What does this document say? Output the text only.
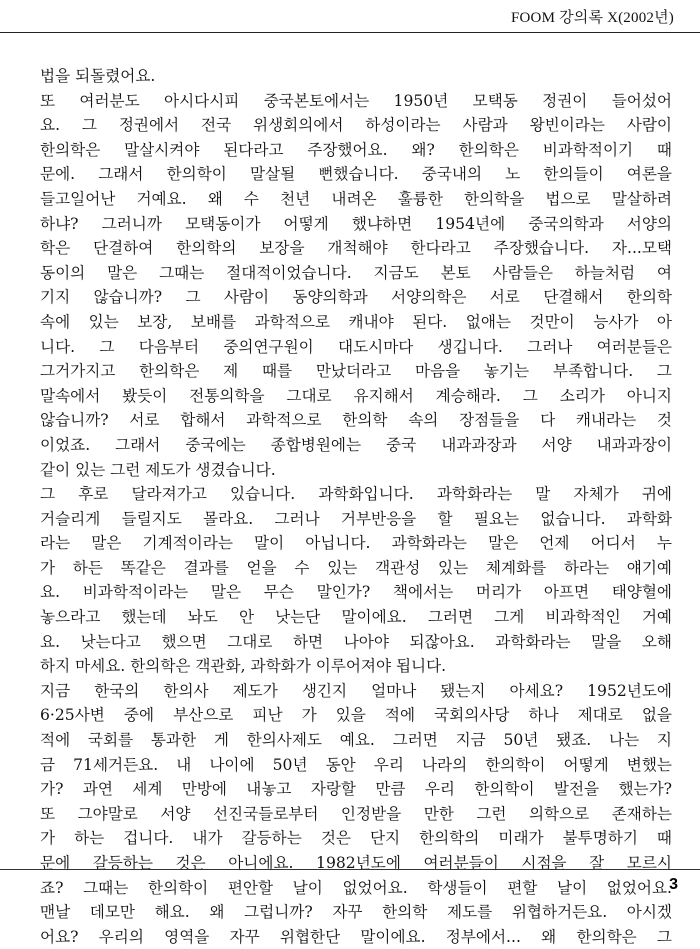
FOOM 강의록 X(2002년)
법을 되돌렸어요.
또 여러분도 아시다시피 중국본토에서는 1950년 모택동 정권이 들어섰어
요. 그 정권에서 전국 위생회의에서 하성이라는 사람과 왕빈이라는 사람이
한의학은 말살시켜야 된다라고 주장했어요. 왜? 한의학은 비과학적이기 때
문에. 그래서 한의학이 말살될 뻔했습니다. 중국내의 노 한의들이 여론을
들고일어난 거예요. 왜 수 천년 내려온 훌륭한 한의학을 법으로 말살하려
하냐? 그러니까 모택동이가 어떻게 했냐하면 1954년에 중국의학과 서양의
학은 단결하여 한의학의 보장을 개척해야 한다라고 주장했습니다. 자...모택
동이의 말은 그때는 절대적이었습니다. 지금도 본토 사람들은 하늘처럼 여
기지 않습니까? 그 사람이 동양의학과 서양의학은 서로 단결해서 한의학
속에 있는 보장, 보배를 과학적으로 캐내야 된다. 없애는 것만이 능사가 아
니다. 그 다음부터 중의연구원이 대도시마다 생깁니다. 그러나 여러분들은
그거가지고 한의학은 제 때를 만났더라고 마음을 놓기는 부족합니다. 그
말속에서 봤듯이 전통의학을 그대로 유지해서 계승해라. 그 소리가 아니지
않습니까? 서로 합해서 과학적으로 한의학 속의 장점들을 다 캐내라는 것
이었죠. 그래서 중국에는 종합병원에는 중국 내과과장과 서양 내과과장이
같이 있는 그런 제도가 생겼습니다.
그 후로 달라져가고 있습니다. 과학화입니다. 과학화라는 말 자체가 귀에
거슬리게 들릴지도 몰라요. 그러나 거부반응을 할 필요는 없습니다. 과학화
라는 말은 기계적이라는 말이 아닙니다. 과학화라는 말은 언제 어디서 누
가 하든 똑같은 결과를 얻을 수 있는 객관성 있는 체계화를 하라는 얘기예
요. 비과학적이라는 말은 무슨 말인가? 책에서는 머리가 아프면 태양혈에
놓으라고 했는데 놔도 안 낫는단 말이에요. 그러면 그게 비과학적인 거예
요. 낫는다고 했으면 그대로 하면 나아야 되잖아요. 과학화라는 말을 오해
하지 마세요. 한의학은 객관화, 과학화가 이루어져야 됩니다.
지금 한국의 한의사 제도가 생긴지 얼마나 됐는지 아세요? 1952년도에
6·25사변 중에 부산으로 피난 가 있을 적에 국회의사당 하나 제대로 없을
적에 국회를 통과한 게 한의사제도 예요. 그러면 지금 50년 됐죠. 나는 지
금 71세거든요. 내 나이에 50년 동안 우리 나라의 한의학이 어떻게 변했는
가? 과연 세계 만방에 내놓고 자랑할 만큼 우리 한의학이 발전을 했는가?
또 그야말로 서양 선진국들로부터 인정받을 만한 그런 의학으로 존재하는
가 하는 겁니다. 내가 갈등하는 것은 단지 한의학의 미래가 불투명하기 때
문에 갈등하는 것은 아니에요. 1982년도에 여러분들이 시점을 잘 모르시
죠? 그때는 한의학이 편안할 날이 없었어요. 학생들이 편할 날이 없었어요.
맨날 데모만 해요. 왜 그럽니까? 자꾸 한의학 제도를 위협하거든요. 아시겠
어요? 우리의 영역을 자꾸 위협한단 말이에요. 정부에서... 왜 한의학은 그
3
